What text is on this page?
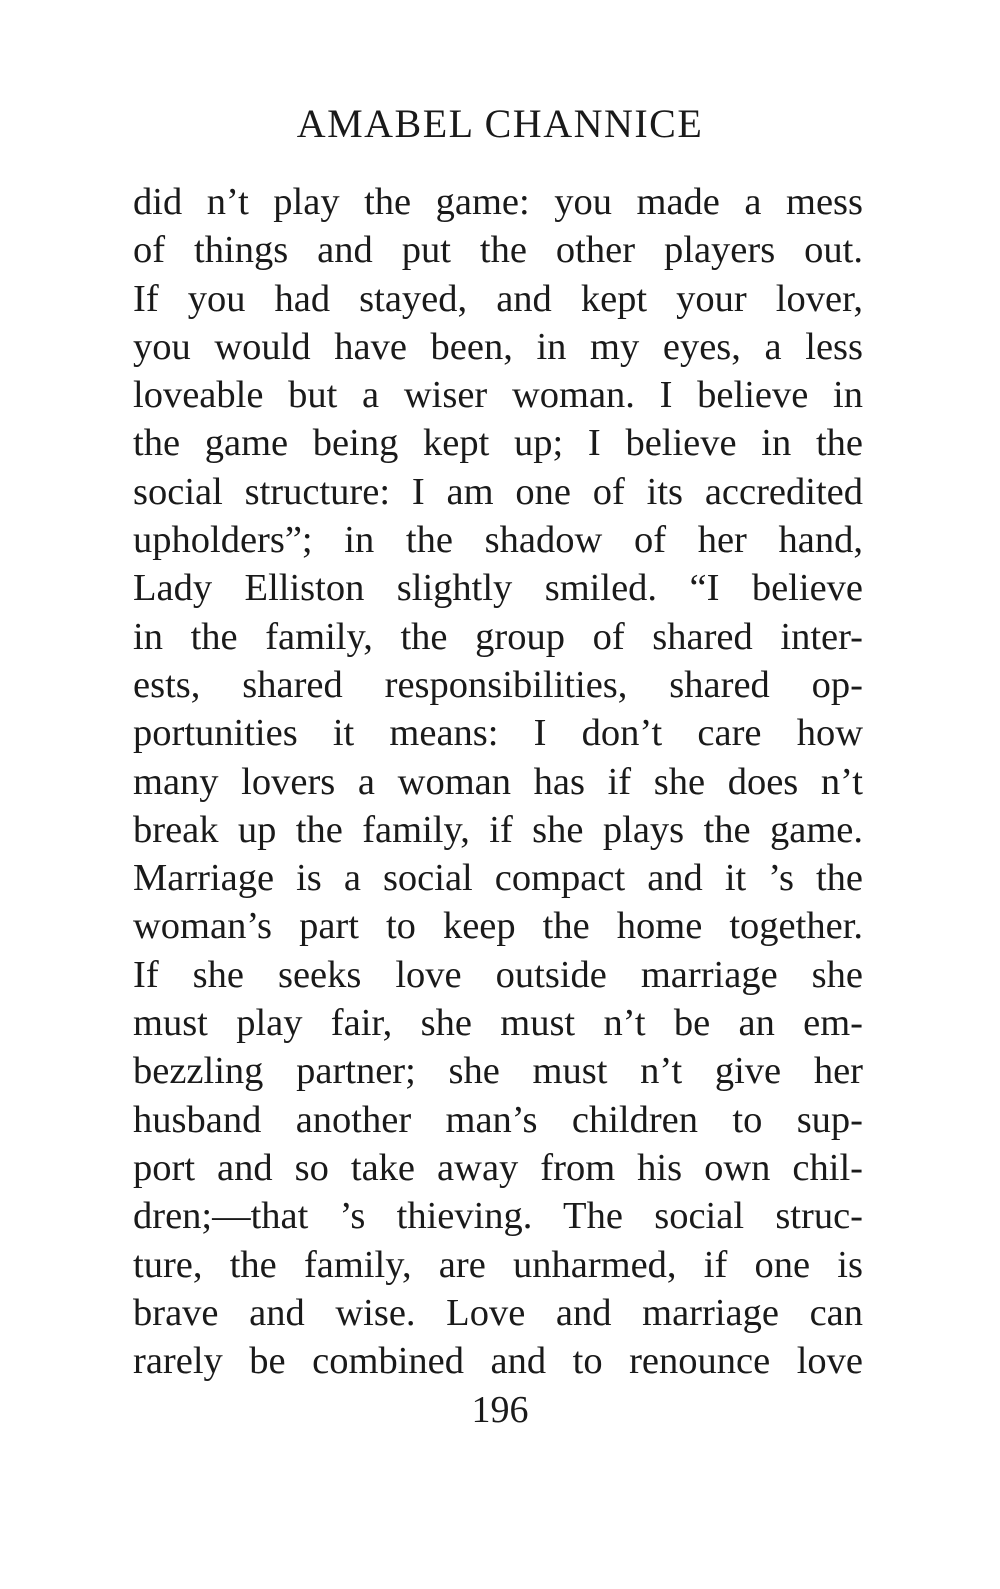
AMABEL CHANNICE
did n’t play the game: you made a mess
of things and put the other players out.
If you had stayed, and kept your lover,
you would have been, in my eyes, a less
loveable but a wiser woman. I believe in
the game being kept up; I believe in the
social structure: I am one of its accredited
upholders”; in the shadow of her hand,
Lady Elliston slightly smiled. “I believe
in the family, the group of shared inter-
ests, shared responsibilities, shared op-
portunities it means: I don’t care how
many lovers a woman has if she does n’t
break up the family, if she plays the game.
Marriage is a social compact and it ’s the
woman’s part to keep the home together.
If she seeks love outside marriage she
must play fair, she must n’t be an em-
bezzling partner; she must n’t give her
husband another man’s children to sup-
port and so take away from his own chil-
dren;—that ’s thieving. The social struc-
ture, the family, are unharmed, if one is
brave and wise. Love and marriage can
rarely be combined and to renounce love
196
